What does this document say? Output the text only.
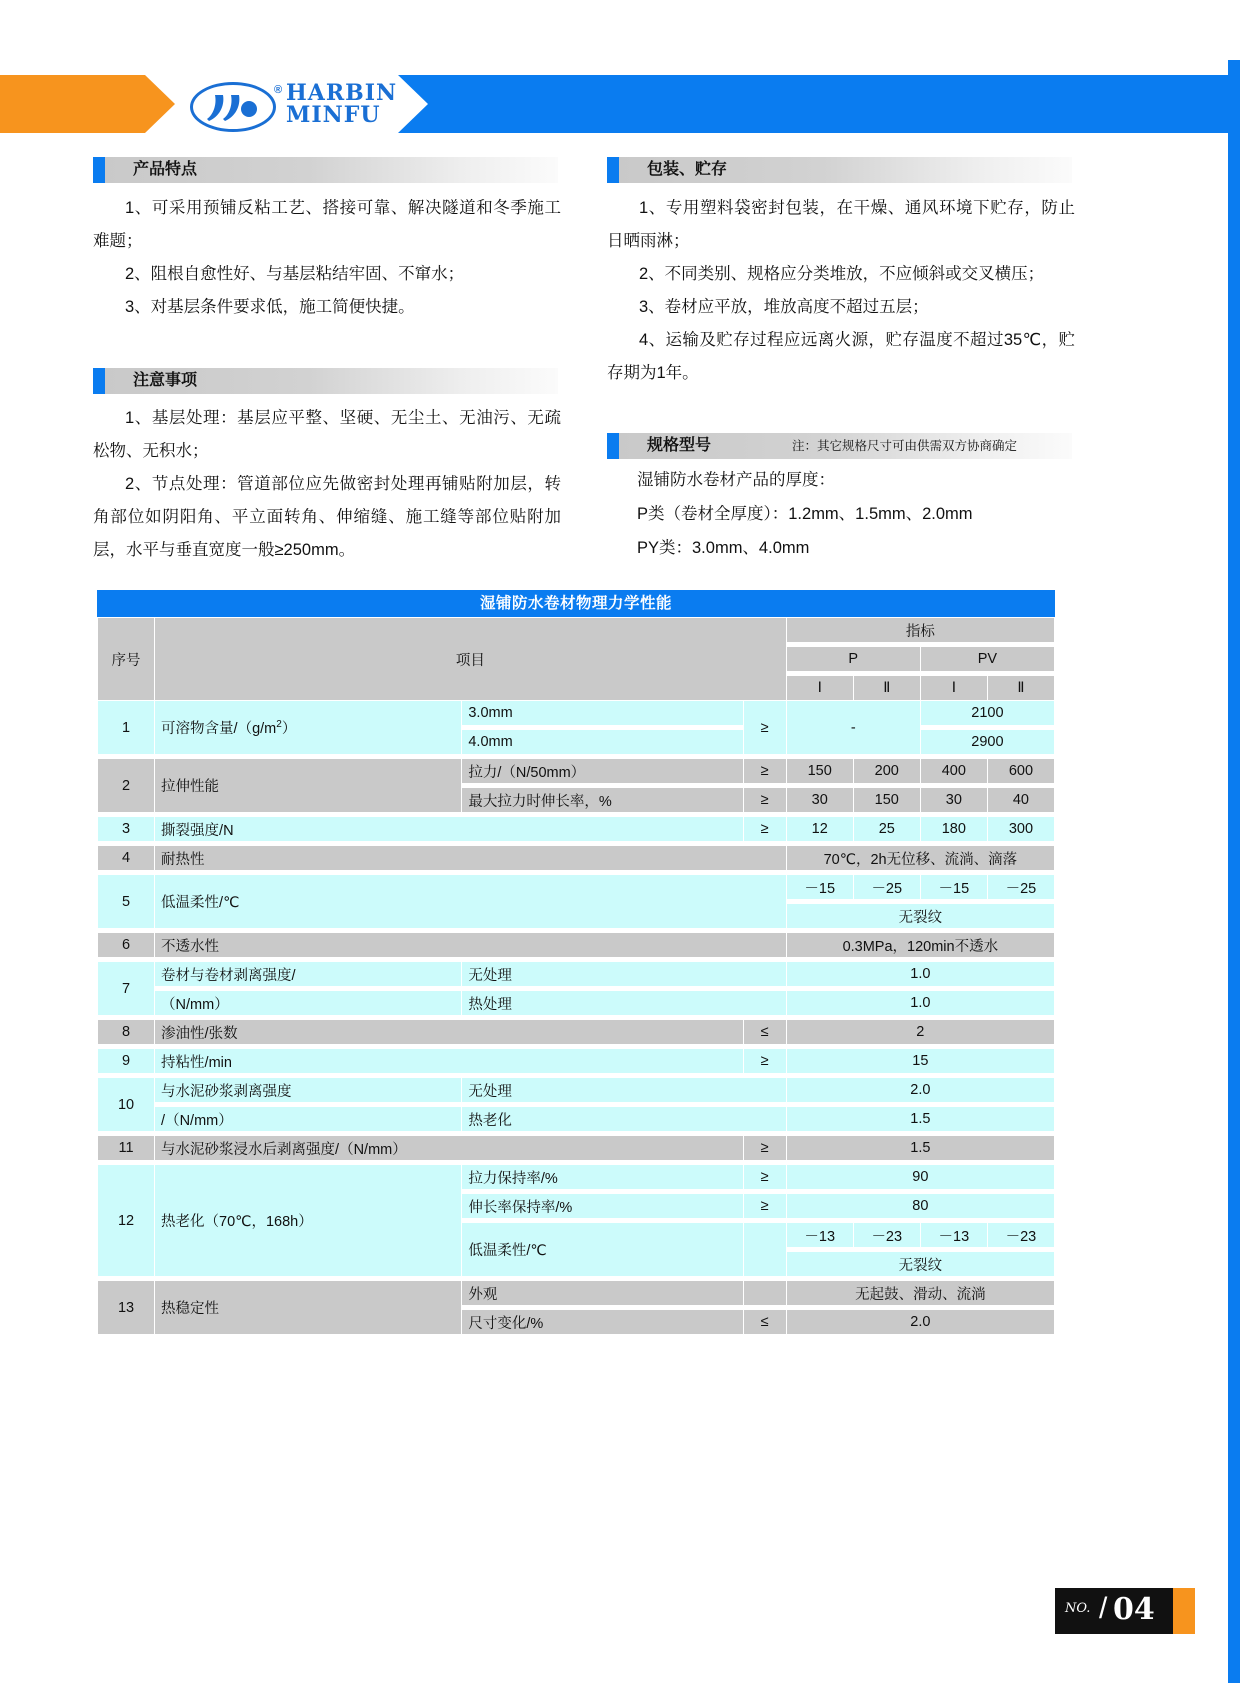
® HARBIN
MINFU
产品特点
1、可采用预铺反粘工艺、搭接可靠、解决隧道和冬季施工难题；
2、阻根自愈性好、与基层粘结牢固、不窜水；
3、对基层条件要求低，施工简便快捷。
注意事项
1、基层处理：基层应平整、坚硬、无尘土、无油污、无疏松物、无积水；
2、节点处理：管道部位应先做密封处理再铺贴附加层，转角部位如阴阳角、平立面转角、伸缩缝、施工缝等部位贴附加层，水平与垂直宽度一般≥250mm。
包装、贮存
1、专用塑料袋密封包装，在干燥、通风环境下贮存，防止日晒雨淋；
2、不同类别、规格应分类堆放，不应倾斜或交叉横压；
3、卷材应平放，堆放高度不超过五层；
4、运输及贮存过程应远离火源，贮存温度不超过35℃，贮存期为1年。
规格型号	注：其它规格尺寸可由供需双方协商确定
湿铺防水卷材产品的厚度：
P类（卷材全厚度）：1.2mm、1.5mm、2.0mm
PY类：3.0mm、4.0mm
湿铺防水卷材物理力学性能
序号	项目			指标			

				P		PV	

				Ⅰ	Ⅱ	Ⅰ	Ⅱ
1	可溶物含量$/(g/m^2)$	3.0mm	≥	-		2100	

		4.0mm				2900	

2	拉伸性能	拉力/（N/50mm）	≥	150	200	400	600

		最大拉力时伸长率，%	≥	30	150	30	40

3	撕裂强度/N		≥	12	25	180	300

4	耐热性			70℃，2h无位移、流淌、滴落			

5	低温柔性/℃			－15	－25	－15	－25

				无裂纹			

6	不透水性			0.3MPa，120min不透水			

7	卷材与卷材剥离强度/	无处理		1.0			

	（N/mm）	热处理		1.0			

8	渗油性/张数		≤	2			

9	持粘性/min		≥	15			

10	与水泥砂浆剥离强度	无处理		2.0			

	/（N/mm）	热老化		1.5			

11	与水泥砂浆浸水后剥离强度/（N/mm）		≥	1.5			

12	热老化（70℃，168h）	拉力保持率/%	≥	90			

		伸长率保持率/%	≥	80			

		低温柔性/℃		－13	－23	－13	－23

				无裂纹			

13	热稳定性	外观		无起鼓、滑动、流淌			

		尺寸变化/%	≤	2.0			
NO. / 04
